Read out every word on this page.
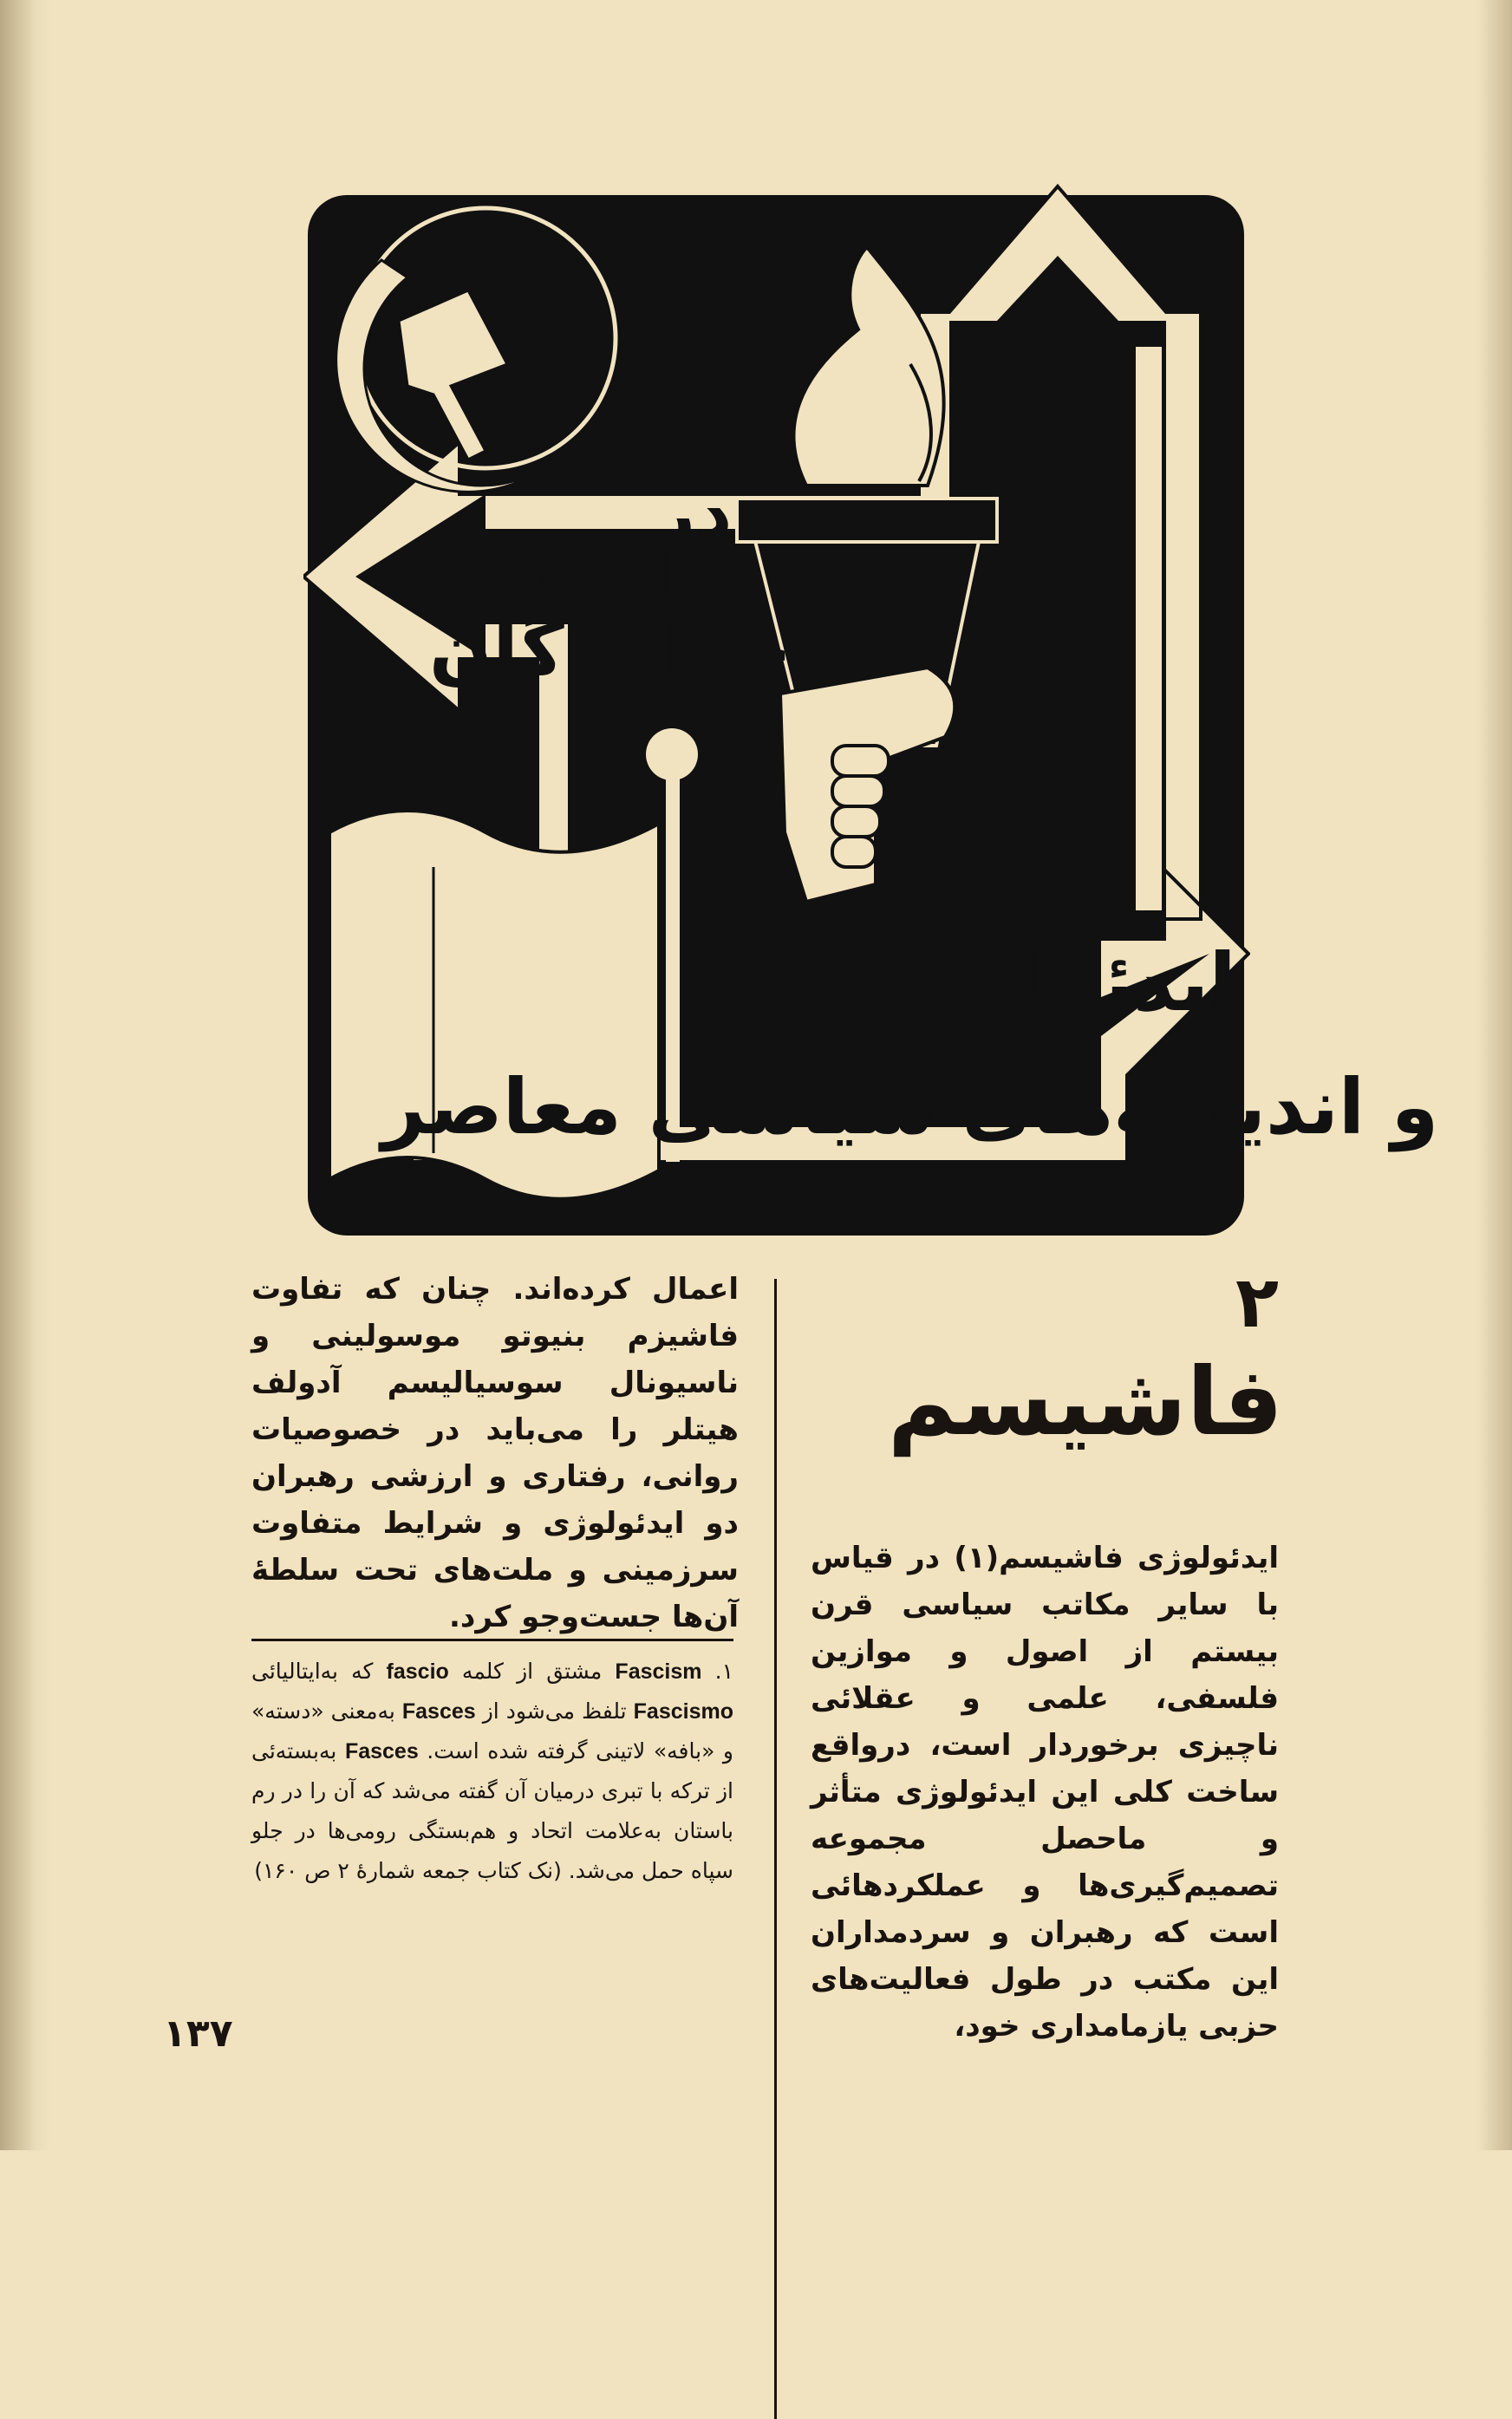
در
پاسخ
خوانندگان
ایدئولوژی
و اندیشه‌های سیاسی معاصر
۲
فاشیسم
ایدئولوژی فاشیسم(۱) در قیاس با سایر مکاتب سیاسی قرن بیستم از اصول و موازین فلسفی، علمی و عقلائی ناچیزی برخوردار است، درواقع ساخت کلی این ایدئولوژی متأثر و ماحصل مجموعه تصمیم‌گیری‌ها و عملکردهائی است که رهبران و سردمداران این مکتب در طول فعالیت‌های حزبی یازمامداری خود،
اعمال کرده‌اند. چنان که تفاوت فاشیزم بنیوتو موسولینی و ناسیونال سوسیالیسم آدولف هیتلر را می‌باید در خصوصیات روانی، رفتاری و ارزشی رهبران دو ایدئولوژی و شرایط متفاوت سرزمینی و ملت‌های تحت سلطهٔ آن‌ها جست‌وجو کرد.
۱. Fascism مشتق از کلمه fascio که به‌ایتالیائی Fascismo تلفظ می‌شود از Fasces به‌معنی «دسته» و «بافه» لاتینی گرفته شده است. Fasces به‌بسته‌ئی از ترکه با تبری درمیان آن گفته می‌شد که آن را در رم باستان به‌علامت اتحاد و هم‌بستگی رومی‌ها در جلو سپاه حمل می‌شد. (نک کتاب جمعه شمارهٔ ۲ ص ۱۶۰)
۱۳۷
